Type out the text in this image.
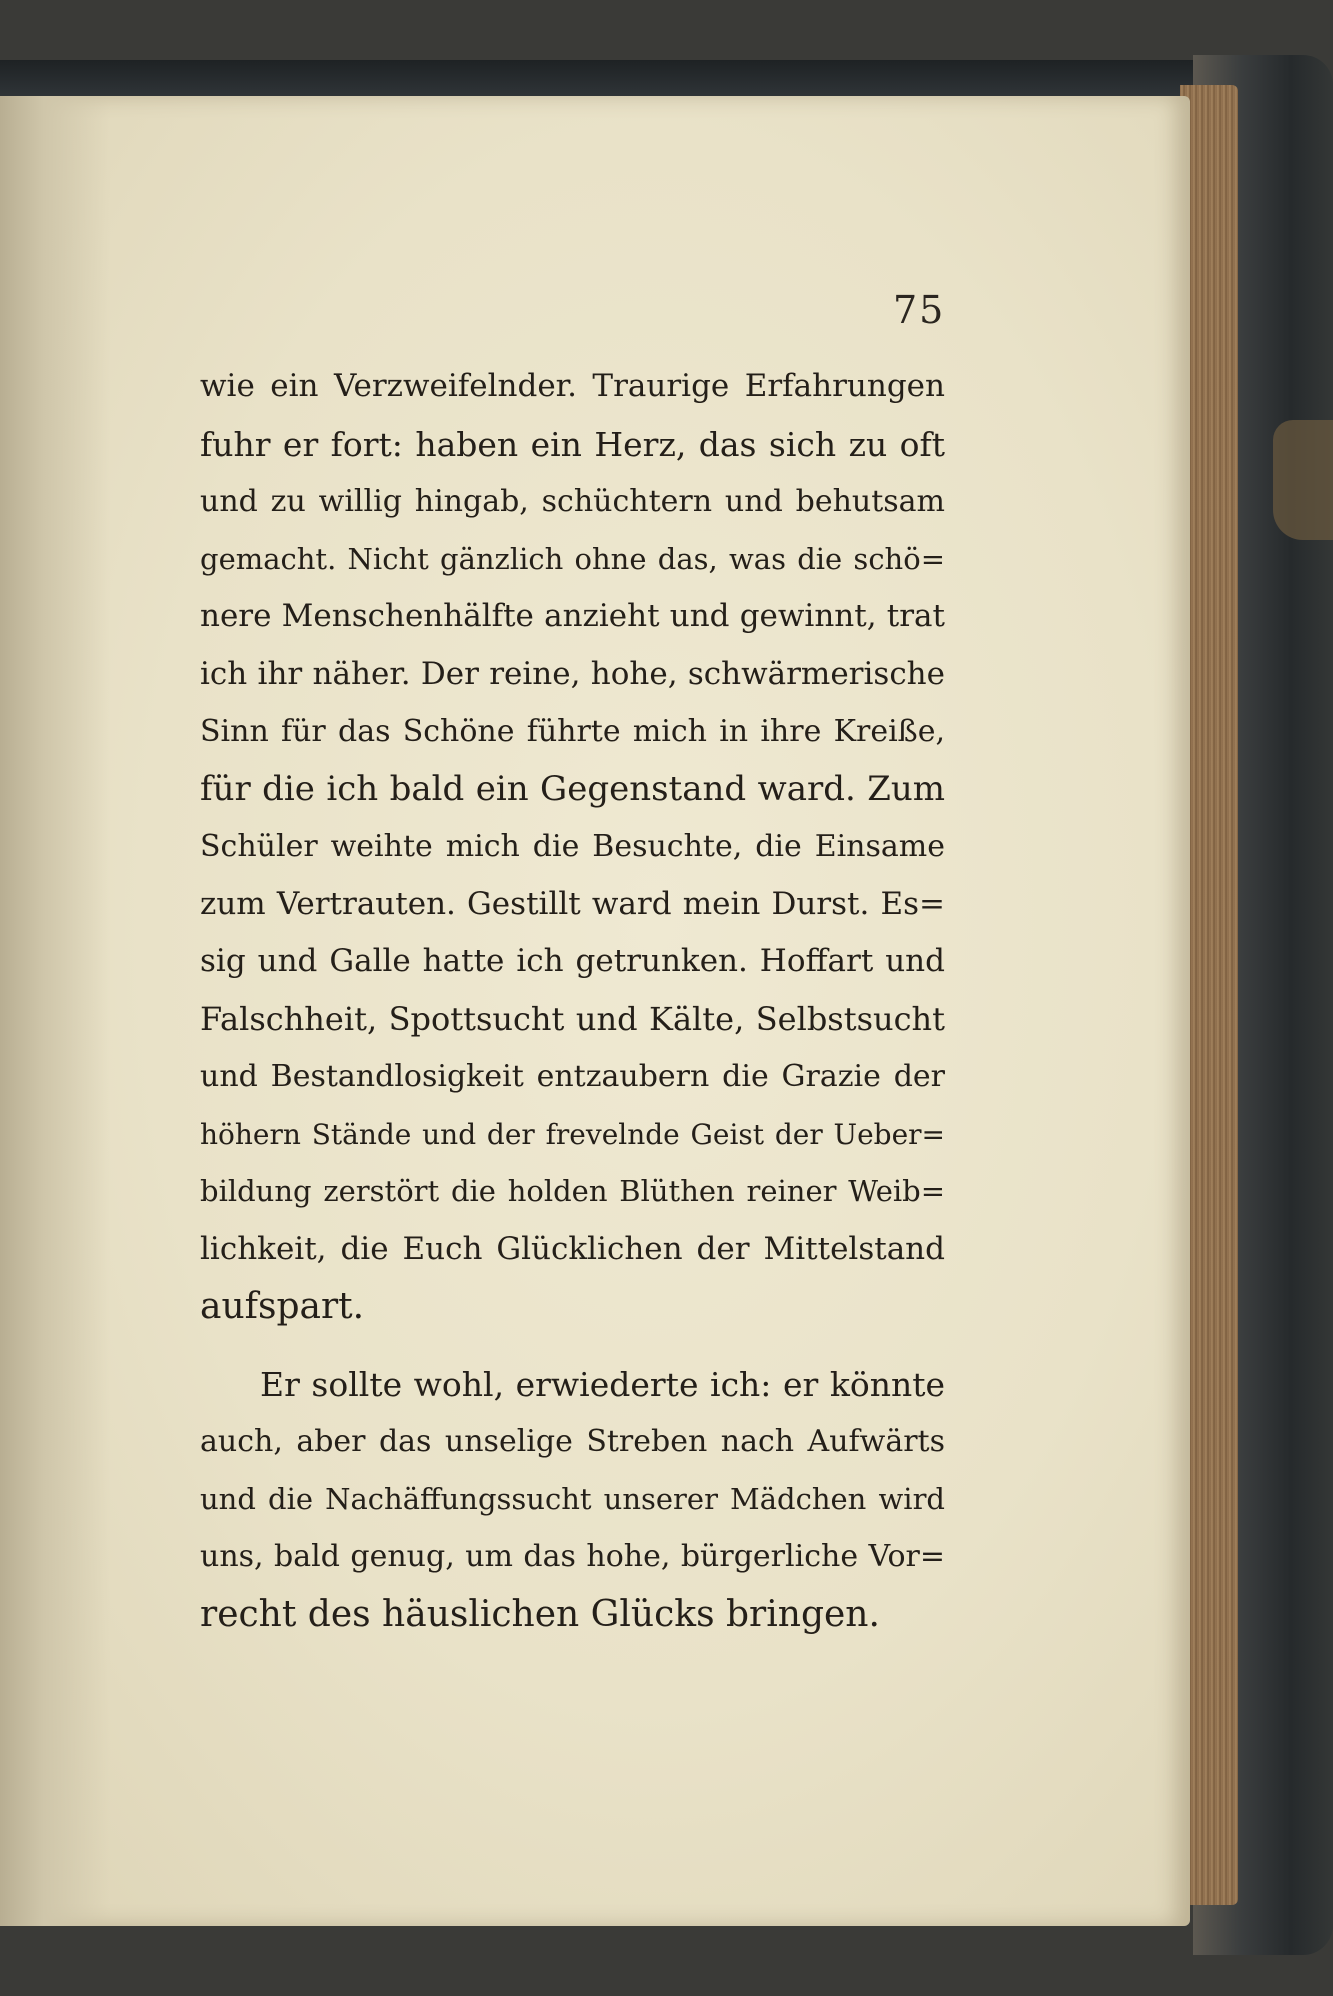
75
wie ein Verzweifelnder. Traurige Erfahrungen
fuhr er fort: haben ein Herz, das sich zu oft
und zu willig hingab, schüchtern und behutsam
gemacht. Nicht gänzlich ohne das, was die schö=
nere Menschenhälfte anzieht und gewinnt, trat
ich ihr näher. Der reine, hohe, schwärmerische
Sinn für das Schöne führte mich in ihre Kreiße,
für die ich bald ein Gegenstand ward. Zum
Schüler weihte mich die Besuchte, die Einsame
zum Vertrauten. Gestillt ward mein Durst. Es=
sig und Galle hatte ich getrunken. Hoffart und
Falschheit, Spottsucht und Kälte, Selbstsucht
und Bestandlosigkeit entzaubern die Grazie der
höhern Stände und der frevelnde Geist der Ueber=
bildung zerstört die holden Blüthen reiner Weib=
lichkeit, die Euch Glücklichen der Mittelstand
aufspart.
Er sollte wohl, erwiederte ich: er könnte
auch, aber das unselige Streben nach Aufwärts
und die Nachäffungssucht unserer Mädchen wird
uns, bald genug, um das hohe, bürgerliche Vor=
recht des häuslichen Glücks bringen.
